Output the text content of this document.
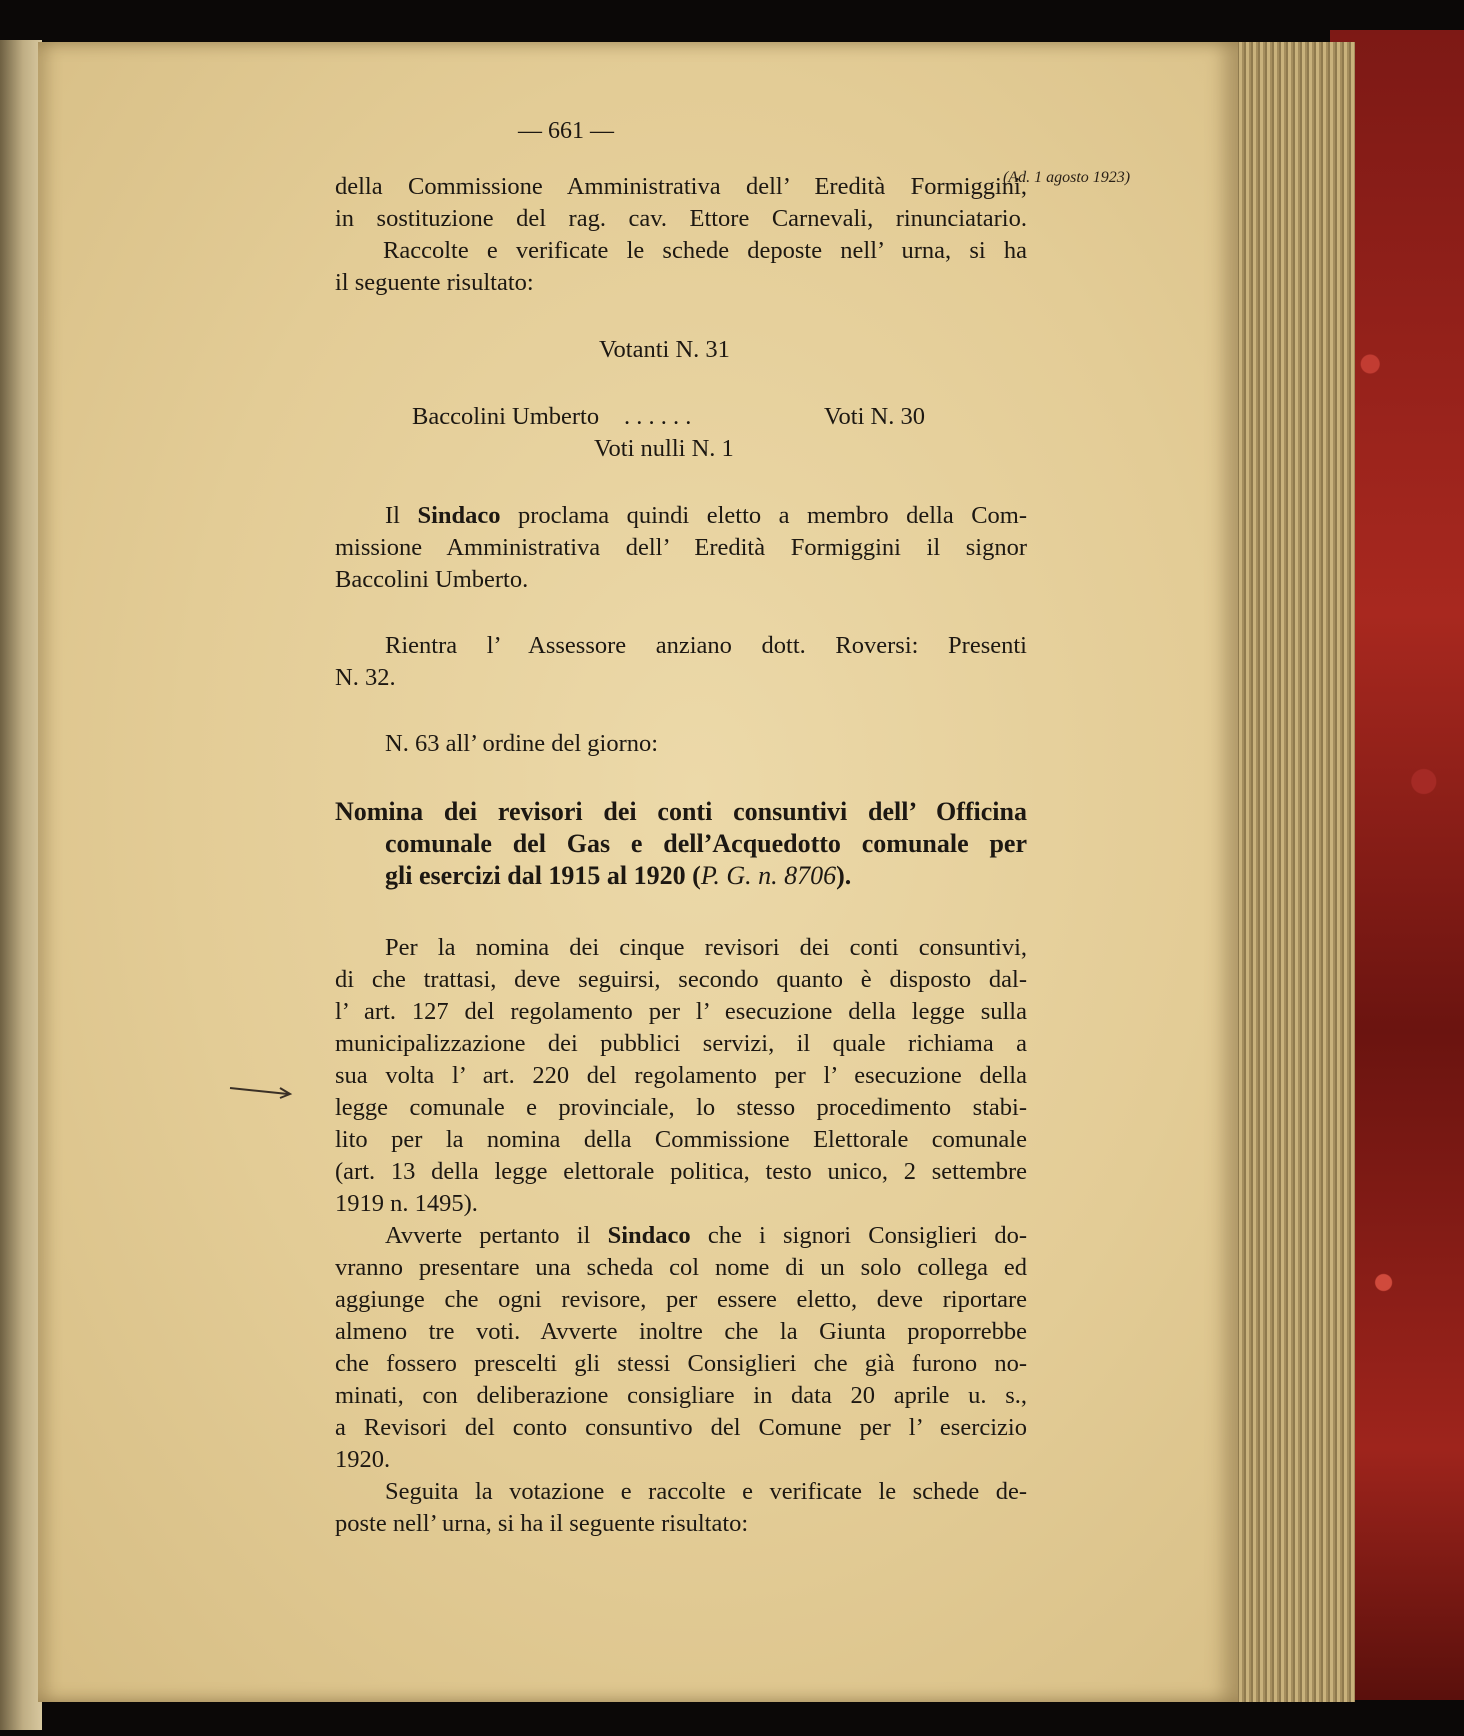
— 661 —
(Ad. 1 agosto 1923)
della Commissione Amministrativa dell’ Eredità Formiggini,
in sostituzione del rag. cav. Ettore Carnevali, rinunciatario.
Raccolte e verificate le schede deposte nell’ urna, si ha
il seguente risultato:
Votanti N. 31
Baccolini Umberto . . . . . .	Voti N. 30
Voti nulli N. 1
Il Sindaco proclama quindi eletto a membro della Com-
missione Amministrativa dell’ Eredità Formiggini il signor
Baccolini Umberto.
Rientra l’ Assessore anziano dott. Roversi: Presenti
N. 32.
N. 63 all’ ordine del giorno:
Nomina dei revisori dei conti consuntivi dell’ Officina
comunale del Gas e dell’Acquedotto comunale per
gli esercizi dal 1915 al 1920 (P. G. n. 8706).
Per la nomina dei cinque revisori dei conti consuntivi,
di che trattasi, deve seguirsi, secondo quanto è disposto dal-
l’ art. 127 del regolamento per l’ esecuzione della legge sulla
municipalizzazione dei pubblici servizi, il quale richiama a
sua volta l’ art. 220 del regolamento per l’ esecuzione della
legge comunale e provinciale, lo stesso procedimento stabi-
lito per la nomina della Commissione Elettorale comunale
(art. 13 della legge elettorale politica, testo unico, 2 settembre
1919 n. 1495).
Avverte pertanto il Sindaco che i signori Consiglieri do-
vranno presentare una scheda col nome di un solo collega ed
aggiunge che ogni revisore, per essere eletto, deve riportare
almeno tre voti. Avverte inoltre che la Giunta proporrebbe
che fossero prescelti gli stessi Consiglieri che già furono no-
minati, con deliberazione consigliare in data 20 aprile u. s.,
a Revisori del conto consuntivo del Comune per l’ esercizio
1920.
Seguita la votazione e raccolte e verificate le schede de-
poste nell’ urna, si ha il seguente risultato:
